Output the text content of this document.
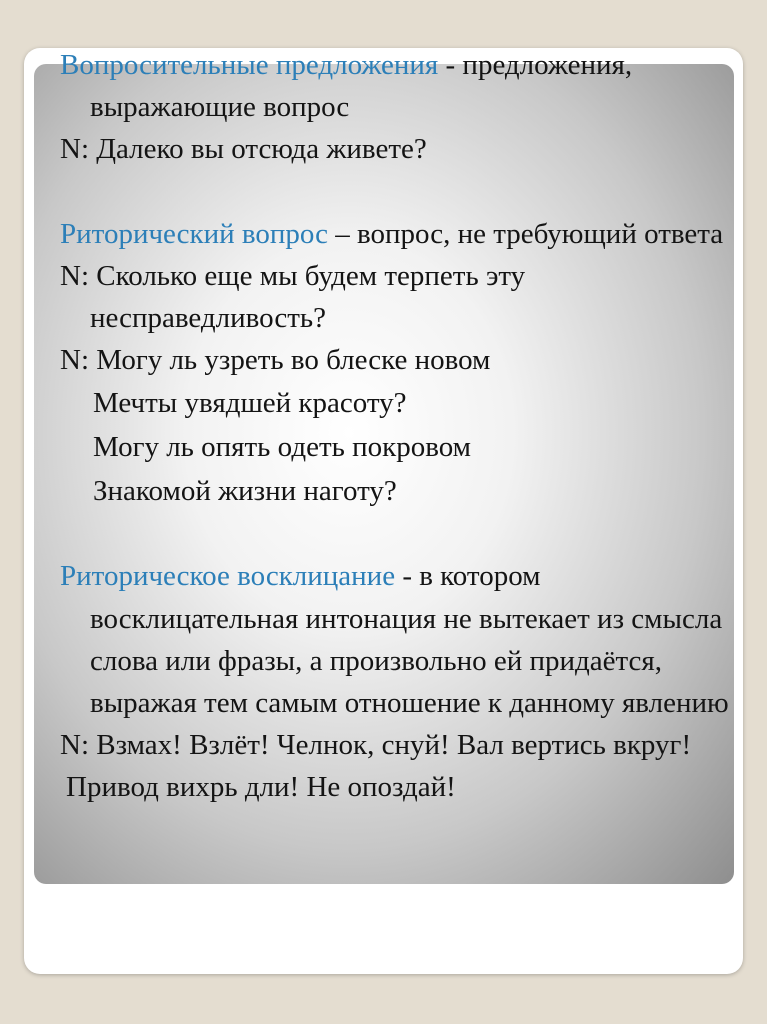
Вопросительные предложения - предложения, выражающие вопрос

N: Далеко вы отсюда живете?

Риторический вопрос – вопрос, не требующий ответа

N: Сколько еще мы будем терпеть эту несправедливость?

N: Могу ль узреть во блеске новом

Мечты увядшей красоту?

Могу ль опять одеть покровом

Знакомой жизни наготу?

Риторическое восклицание - в котором восклицательная интонация не вытекает из смысла слова или фразы, а произвольно ей придаётся, выражая тем самым отношение к данному явлению

N: Взмах! Взлёт! Челнок, снуй! Вал вертись вкруг!

Привод вихрь дли! Не опоздай!
